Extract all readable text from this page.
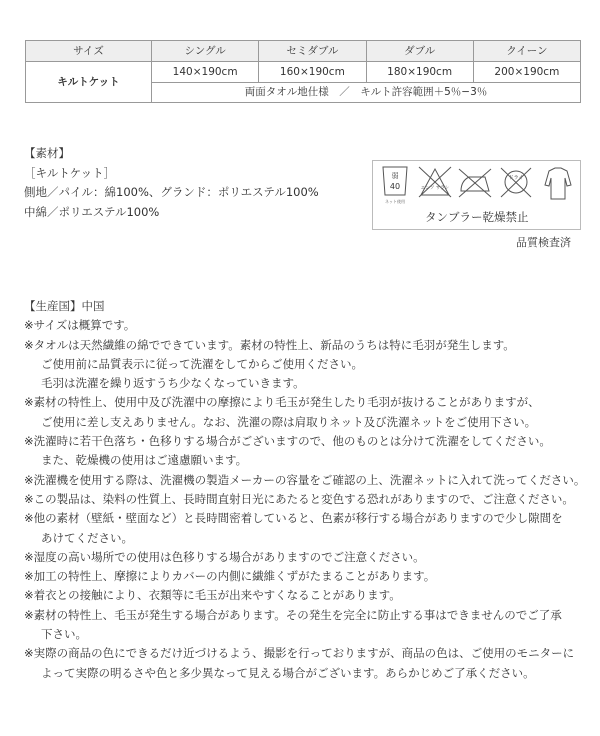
サイズ	シングル	セミダブル	ダブル	クイーン
キルトケット	140×190cm	160×190cm	180×190cm	200×190cm
	両面タオル地仕様　／　キルト許容範囲＋5％−3％			
【素材】
［キルトケット］
側地／パイル：綿100%、グランド：ポリエステル100%
中綿／ポリエステル100%
弱
40
ネット使用
エンソ サラシ
ドライ
タンブラー乾燥禁止
品質検査済
【生産国】中国
※サイズは概算です。
※タオルは天然繊維の綿でできています。素材の特性上、新品のうちは特に毛羽が発生します。
ご使用前に品質表示に従って洗濯をしてからご使用ください。
毛羽は洗濯を繰り返すうち少なくなっていきます。
※素材の特性上、使用中及び洗濯中の摩擦により毛玉が発生したり毛羽が抜けることがありますが、
ご使用に差し支えありません。なお、洗濯の際は肩取りネット及び洗濯ネットをご使用下さい。
※洗濯時に若干色落ち・色移りする場合がございますので、他のものとは分けて洗濯をしてください。
また、乾燥機の使用はご遠慮願います。
※洗濯機を使用する際は、洗濯機の製造メーカーの容量をご確認の上、洗濯ネットに入れて洗ってください。
※この製品は、染料の性質上、長時間直射日光にあたると変色する恐れがありますので、ご注意ください。
※他の素材（壁紙・壁面など）と長時間密着していると、色素が移行する場合がありますので少し隙間を
あけてください。
※湿度の高い場所での使用は色移りする場合がありますのでご注意ください。
※加工の特性上、摩擦によりカバーの内側に繊維くずがたまることがあります。
※着衣との接触により、衣類等に毛玉が出来やすくなることがあります。
※素材の特性上、毛玉が発生する場合があります。その発生を完全に防止する事はできませんのでご了承
下さい。
※実際の商品の色にできるだけ近づけるよう、撮影を行っておりますが、商品の色は、ご使用のモニターに
よって実際の明るさや色と多少異なって見える場合がございます。あらかじめご了承ください。
